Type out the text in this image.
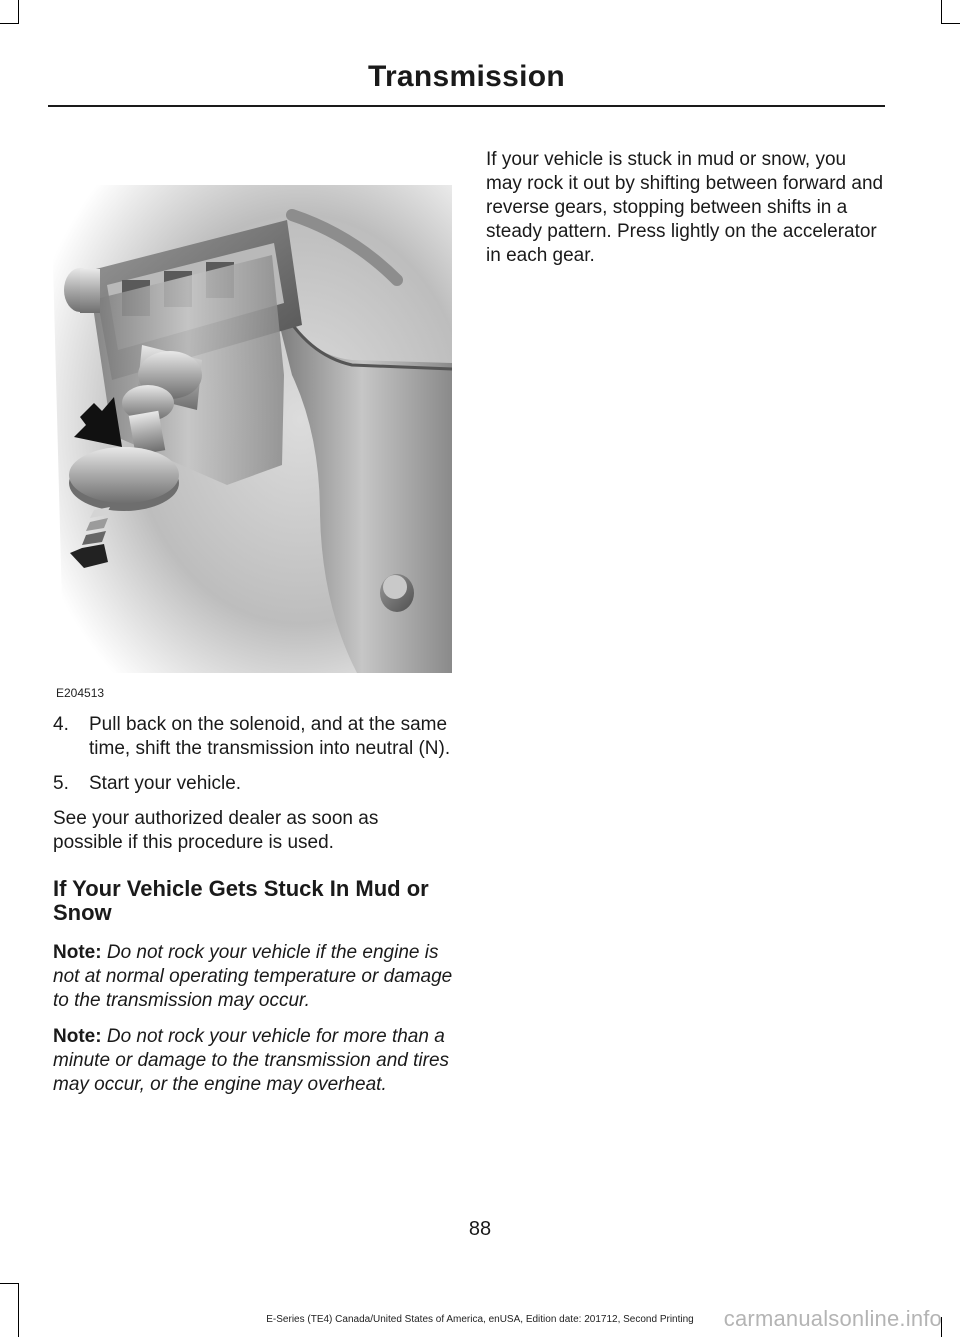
Transmission
E204513
4.	Pull back on the solenoid, and at the same time, shift the transmission into neutral (N).
5.	Start your vehicle.

See your authorized dealer as soon as possible if this procedure is used.

If Your Vehicle Gets Stuck In Mud or Snow

Note: Do not rock your vehicle if the engine is not at normal operating temperature or damage to the transmission may occur.

Note: Do not rock your vehicle for more than a minute or damage to the transmission and tires may occur, or the engine may overheat.

If your vehicle is stuck in mud or snow, you may rock it out by shifting between forward and reverse gears, stopping between shifts in a steady pattern. Press lightly on the accelerator in each gear.

88
E-Series (TE4) Canada/United States of America, enUSA, Edition date: 201712, Second Printing	carmanualsonline.info
